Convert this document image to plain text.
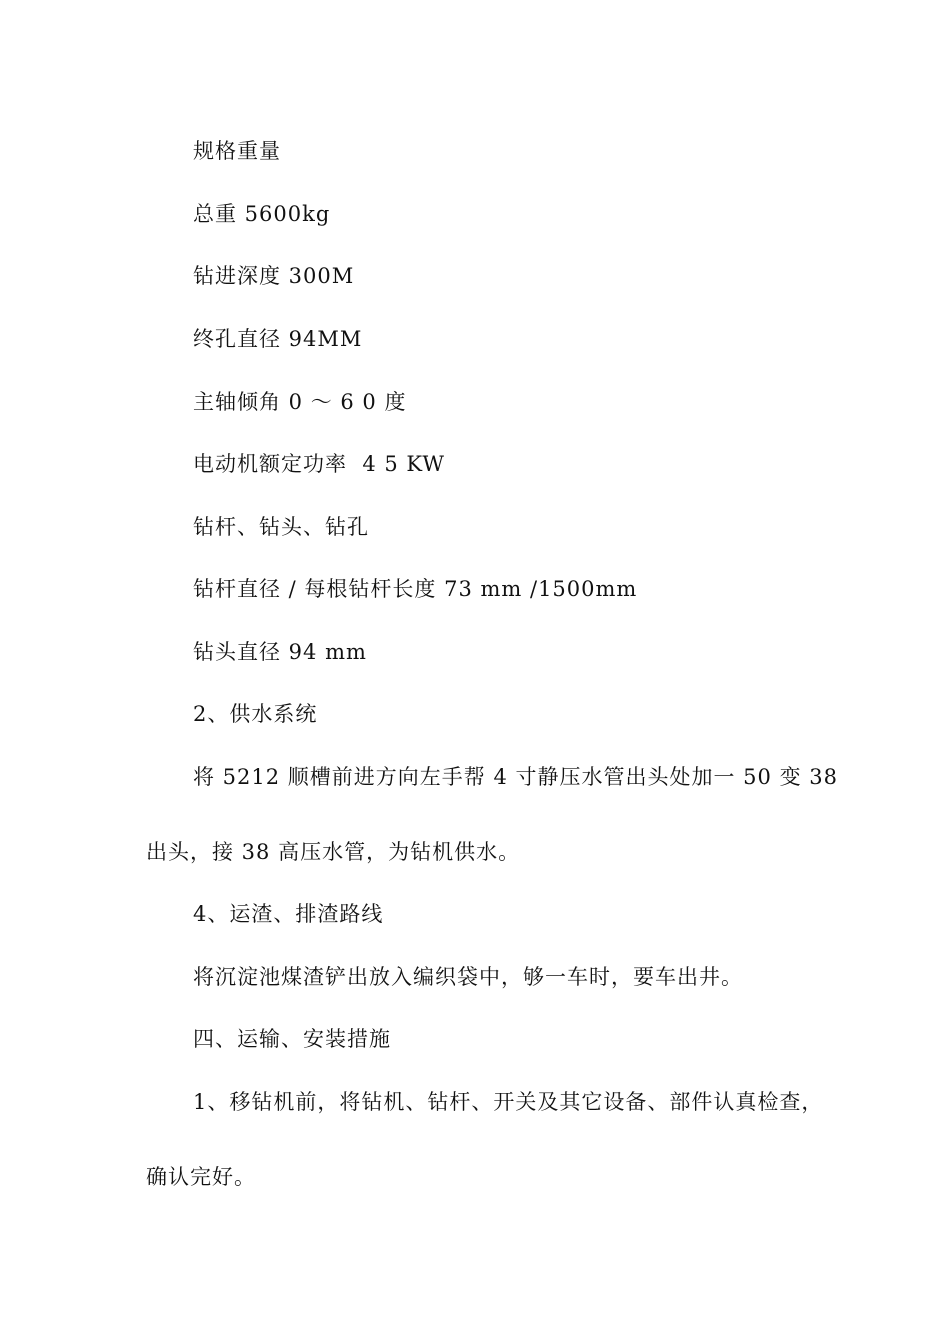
规格重量
总重 5600kg
钻进深度 300M
终孔直径 94MM
主轴倾角 0 ～ 6 0 度
电动机额定功率  4 5 KW
钻杆、钻头、钻孔
钻杆直径 / 每根钻杆长度 73 mm /1500mm
钻头直径 94 mm
2、供水系统
将 5212 顺槽前进方向左手帮 4 寸静压水管出头处加一 50 变 38
出头，接 38 高压水管，为钻机供水。
4、运渣、排渣路线
将沉淀池煤渣铲出放入编织袋中，够一车时，要车出井。
四、运输、安装措施
1、移钻机前，将钻机、钻杆、开关及其它设备、部件认真检查，
确认完好。
